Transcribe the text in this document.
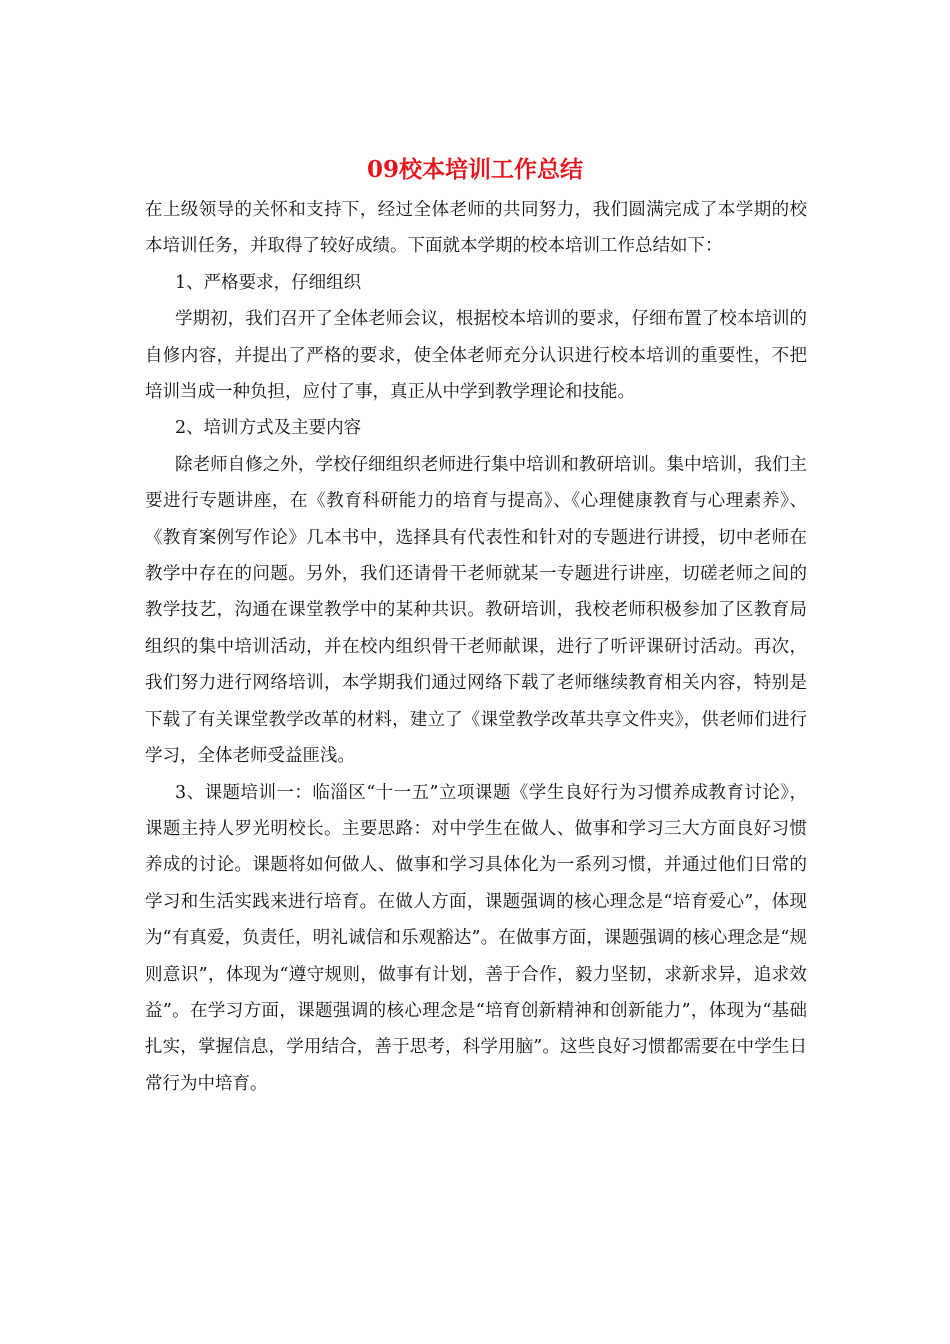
09校本培训工作总结

在上级领导的关怀和支持下，经过全体老师的共同努力，我们圆满完成了本学期的校本培训任务，并取得了较好成绩。下面就本学期的校本培训工作总结如下：

1、严格要求，仔细组织

学期初，我们召开了全体老师会议，根据校本培训的要求，仔细布置了校本培训的自修内容，并提出了严格的要求，使全体老师充分认识进行校本培训的重要性，不把培训当成一种负担，应付了事，真正从中学到教学理论和技能。

2、培训方式及主要内容

除老师自修之外，学校仔细组织老师进行集中培训和教研培训。集中培训，我们主要进行专题讲座，在《教育科研能力的培育与提高》、《心理健康教育与心理素养》、《教育案例写作论》几本书中，选择具有代表性和针对的专题进行讲授，切中老师在教学中存在的问题。另外，我们还请骨干老师就某一专题进行讲座，切磋老师之间的教学技艺，沟通在课堂教学中的某种共识。教研培训，我校老师积极参加了区教育局组织的集中培训活动，并在校内组织骨干老师献课，进行了听评课研讨活动。再次，我们努力进行网络培训，本学期我们通过网络下载了老师继续教育相关内容，特别是下载了有关课堂教学改革的材料，建立了《课堂教学改革共享文件夹》，供老师们进行学习，全体老师受益匪浅。

3、课题培训一：临淄区“十一五”立项课题《学生良好行为习惯养成教育讨论》，课题主持人罗光明校长。主要思路：对中学生在做人、做事和学习三大方面良好习惯养成的讨论。课题将如何做人、做事和学习具体化为一系列习惯，并通过他们日常的学习和生活实践来进行培育。在做人方面，课题强调的核心理念是“培育爱心”，体现为“有真爱，负责任，明礼诚信和乐观豁达”。在做事方面，课题强调的核心理念是“规则意识”，体现为“遵守规则，做事有计划，善于合作，毅力坚韧，求新求异，追求效益”。在学习方面，课题强调的核心理念是“培育创新精神和创新能力”，体现为“基础扎实，掌握信息，学用结合，善于思考，科学用脑”。这些良好习惯都需要在中学生日常行为中培育。
